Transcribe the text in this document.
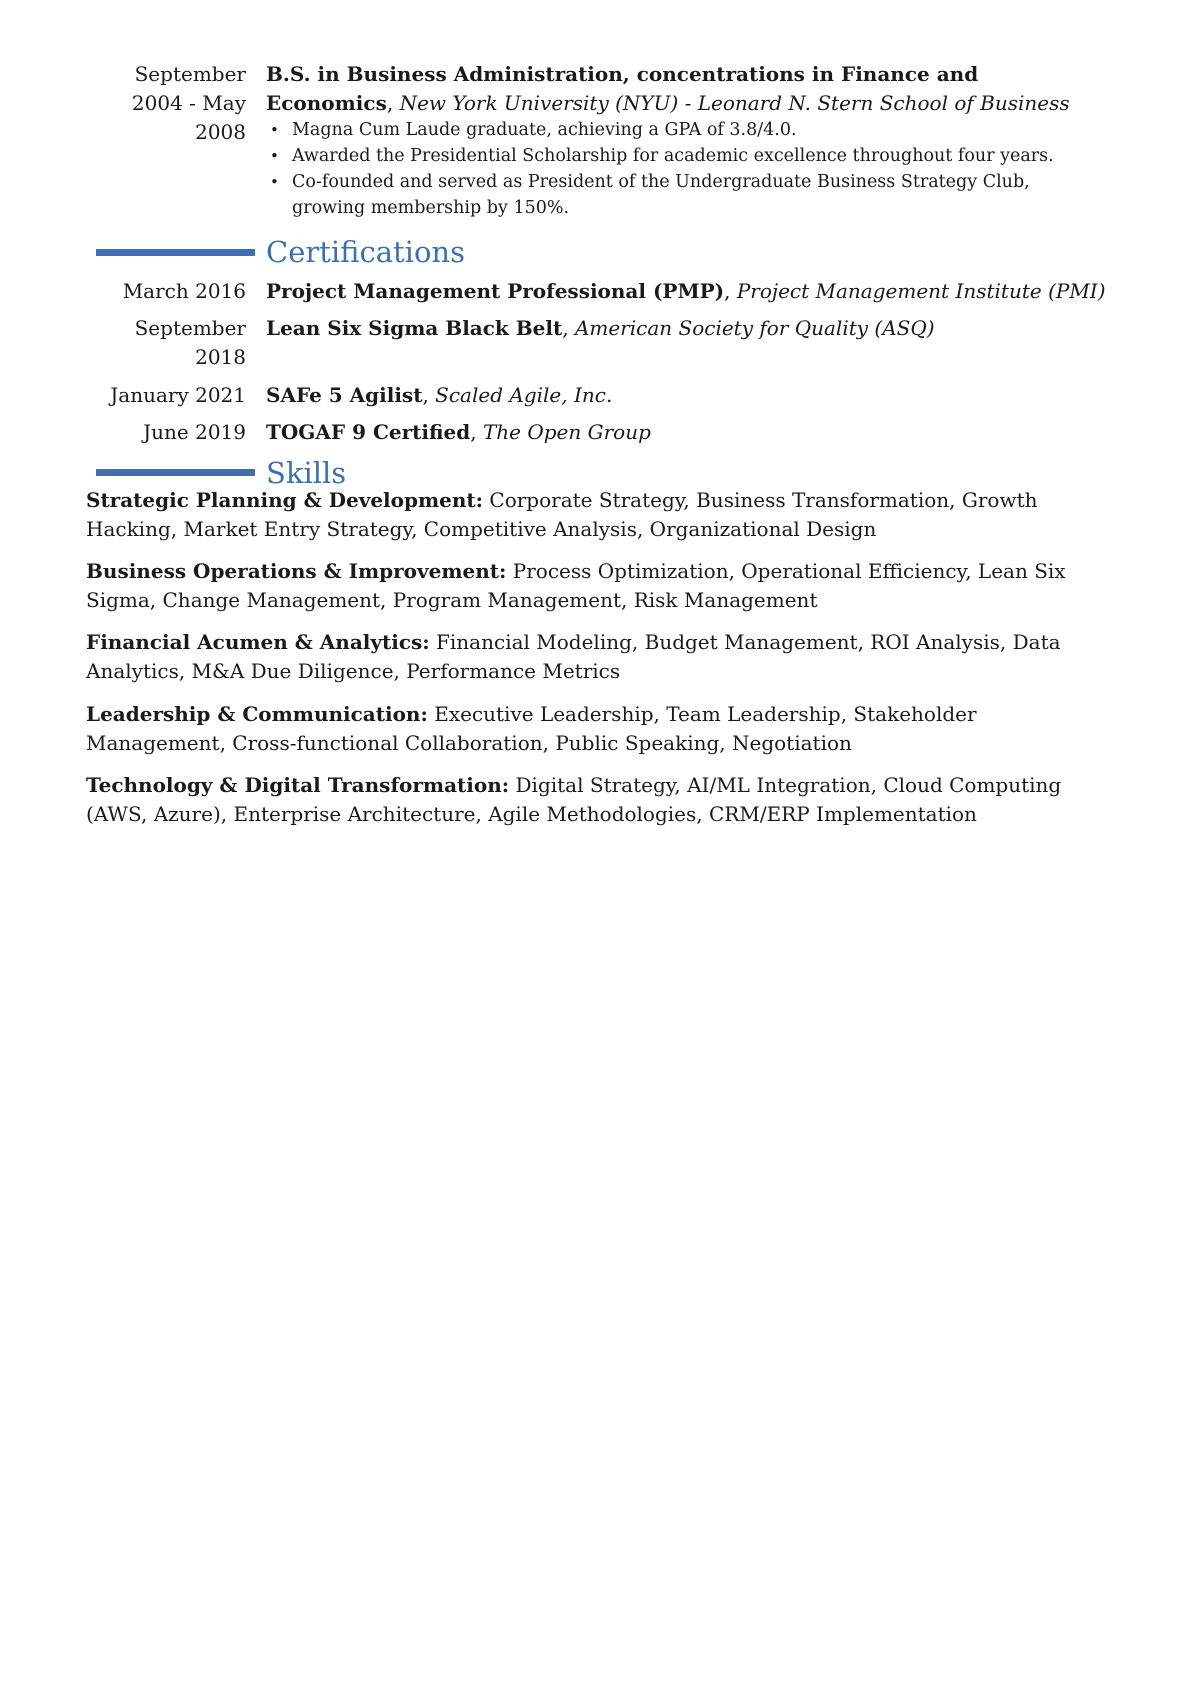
September 2004 - May 2008
B.S. in Business Administration, concentrations in Finance and Economics, New York University (NYU) - Leonard N. Stern School of Business
• Magna Cum Laude graduate, achieving a GPA of 3.8/4.0.
• Awarded the Presidential Scholarship for academic excellence throughout four years.
• Co-founded and served as President of the Undergraduate Business Strategy Club, growing membership by 150%.
Certifications
March 2016 Project Management Professional (PMP), Project Management Institute (PMI)
September 2018
Lean Six Sigma Black Belt, American Society for Quality (ASQ)
January 2021 SAFe 5 Agilist, Scaled Agile, Inc.
June 2019 TOGAF 9 Certified, The Open Group
Skills
Strategic Planning & Development: Corporate Strategy, Business Transformation, Growth Hacking, Market Entry Strategy, Competitive Analysis, Organizational Design
Business Operations & Improvement: Process Optimization, Operational Efficiency, Lean Six Sigma, Change Management, Program Management, Risk Management
Financial Acumen & Analytics: Financial Modeling, Budget Management, ROI Analysis, Data Analytics, M&A Due Diligence, Performance Metrics
Leadership & Communication: Executive Leadership, Team Leadership, Stakeholder Management, Cross-functional Collaboration, Public Speaking, Negotiation
Technology & Digital Transformation: Digital Strategy, AI/ML Integration, Cloud Computing (AWS, Azure), Enterprise Architecture, Agile Methodologies, CRM/ERP Implementation
